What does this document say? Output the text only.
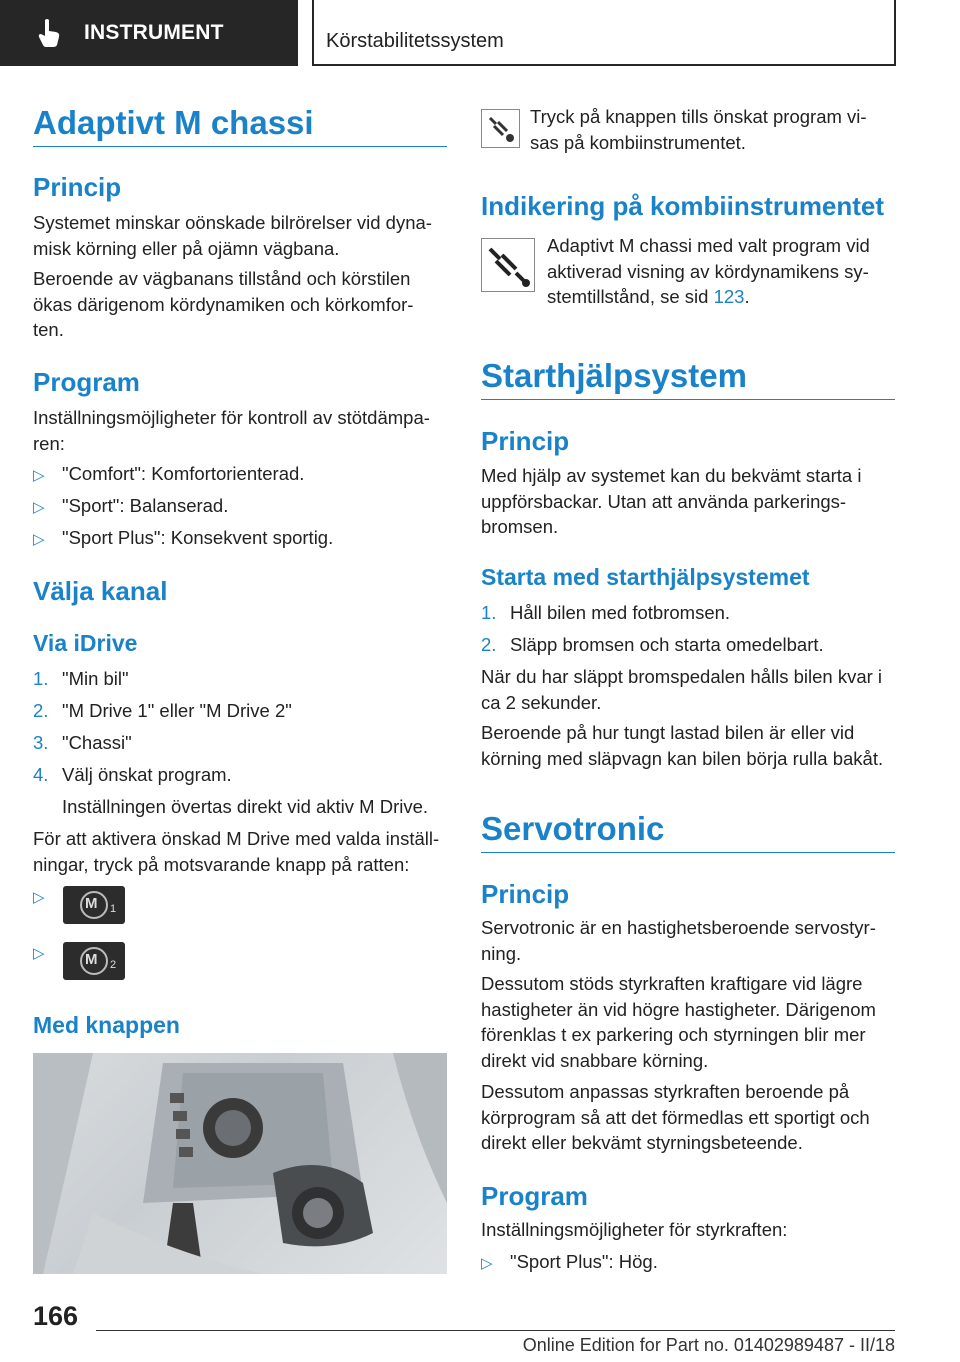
INSTRUMENT	Körstabilitetssystem
Adaptivt M chassi
Princip
Systemet minskar oönskade bilrörelser vid dyna‐
misk körning eller på ojämn vägbana.
Beroende av vägbanans tillstånd och körstilen
ökas därigenom kördynamiken och körkomfor‐
ten.
Program
Inställningsmöjligheter för kontroll av stötdämpa‐
ren:
▷ "Comfort": Komfortorienterad.
▷ "Sport": Balanserad.
▷ "Sport Plus": Konsekvent sportig.
Välja kanal
Via iDrive
1. "Min bil"
2. "M Drive 1" eller "M Drive 2"
3. "Chassi"
4. Välj önskat program.
Inställningen övertas direkt vid aktiv M Drive.
För att aktivera önskad M Drive med valda inställ‐
ningar, tryck på motsvarande knapp på ratten:
▷	M 1
▷	M 2
Med knappen
Tryck på knappen tills önskat program vi‐
sas på kombiinstrumentet.
Indikering på kombiinstrumentet
Adaptivt M chassi med valt program vid
aktiverad visning av kördynamikens sy‐
stemtillstånd, se sid 123.
Starthjälpsystem
Princip
Med hjälp av systemet kan du bekvämt starta i
uppförsbackar. Utan att använda parkerings‐
bromsen.
Starta med starthjälpsystemet
1. Håll bilen med fotbromsen.
2. Släpp bromsen och starta omedelbart.
När du har släppt bromspedalen hålls bilen kvar i
ca 2 sekunder.
Beroende på hur tungt lastad bilen är eller vid
körning med släpvagn kan bilen börja rulla bakåt.
Servotronic
Princip
Servotronic är en hastighetsberoende servostyr‐
ning.
Dessutom stöds styrkraften kraftigare vid lägre
hastigheter än vid högre hastigheter. Därigenom
förenklas t ex parkering och styrningen blir mer
direkt vid snabbare körning.
Dessutom anpassas styrkraften beroende på
körprogram så att det förmedlas ett sportigt och
direkt eller bekvämt styrningsbeteende.
Program
Inställningsmöjligheter för styrkraften:
▷ "Sport Plus": Hög.
166
Online Edition for Part no. 01402989487 - II/18
